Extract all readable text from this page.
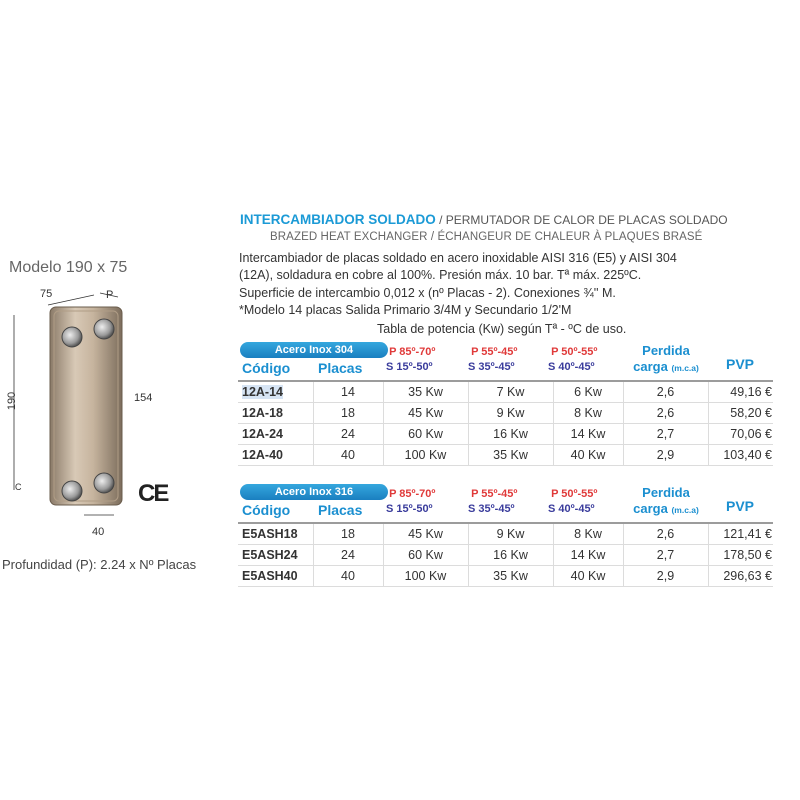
Modelo 190 x 75
75	P
190	154
C
40
CE
Profundidad (P): 2.24 x Nº Placas
INTERCAMBIADOR SOLDADO / PERMUTADOR DE CALOR DE PLACAS SOLDADO
BRAZED HEAT EXCHANGER / ÉCHANGEUR DE CHALEUR À PLAQUES BRASÉ
Intercambiador de placas soldado en acero inoxidable AISI 316 (E5) y AISI 304
(12A), soldadura en cobre al 100%. Presión máx. 10 bar. Tª máx. 225ºC.
Superficie de intercambio 0,012 x (nº Placas - 2). Conexiones ¾'' M.
*Modelo 14 placas Salida Primario 3/4M y Secundario 1/2'M
Tabla de potencia (Kw) según Tª - ºC de uso.
Acero Inox 304
Código Placas
P 85º-70º
S 15º-50º
P 55º-45º
S 35º-45º
P 50º-55º
S 40º-45º
Perdida
carga (m.c.a)	PVP
12A-14	14	35 Kw	7 Kw	6 Kw	2,6	49,16 €
12A-18	18	45 Kw	9 Kw	8 Kw	2,6	58,20 €
12A-24	24	60 Kw	16 Kw	14 Kw	2,7	70,06 €
12A-40	40	100 Kw	35 Kw	40 Kw	2,9	103,40 €
Acero Inox 316
Código Placas
P 85º-70º
S 15º-50º
P 55º-45º
S 35º-45º
P 50º-55º
S 40º-45º
Perdida
carga (m.c.a)	PVP
E5ASH18	18	45 Kw	9 Kw	8 Kw	2,6	121,41 €
E5ASH24	24	60 Kw	16 Kw	14 Kw	2,7	178,50 €
E5ASH40	40	100 Kw	35 Kw	40 Kw	2,9	296,63 €
